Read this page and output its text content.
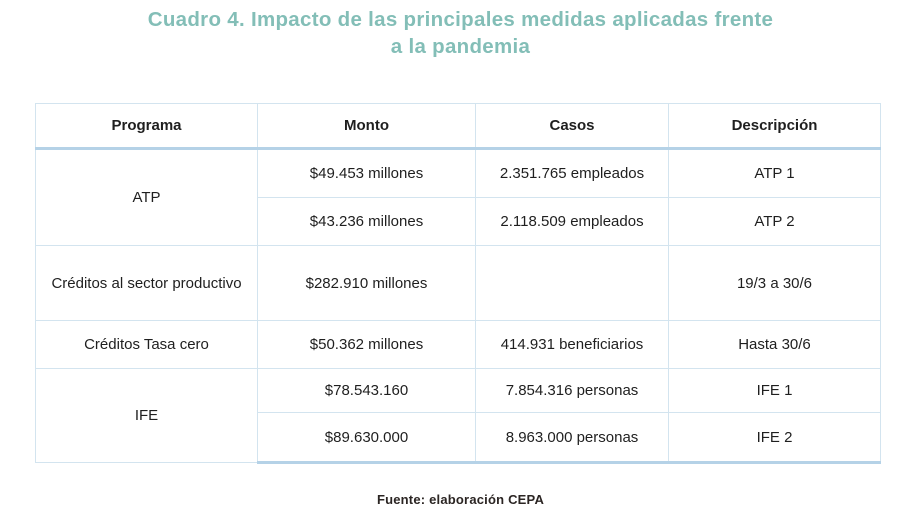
Cuadro 4. Impacto de las principales medidas aplicadas frente
a la pandemia
Programa	Monto	Casos	Descripción
ATP	$49.453 millones	2.351.765 empleados	ATP 1
	$43.236 millones	2.118.509 empleados	ATP 2
Créditos al sector productivo	$282.910 millones		19/3 a 30/6
Créditos Tasa cero	$50.362 millones	414.931 beneficiarios	Hasta 30/6
IFE	$78.543.160	7.854.316 personas	IFE 1
	$89.630.000	8.963.000 personas	IFE 2
Fuente: elaboración CEPA
